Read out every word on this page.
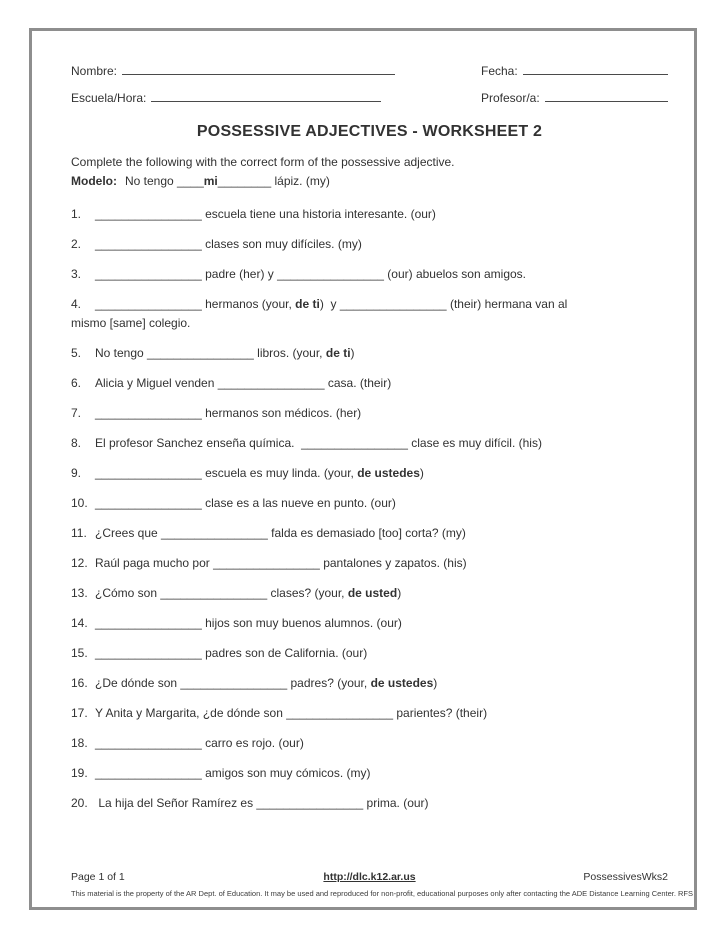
Nombre:	Fecha:
Escuela/Hora:	Profesor/a:
POSSESSIVE ADJECTIVES - WORKSHEET 2

Complete the following with the correct form of the possessive adjective.

Modelo: No tengo ____mi________ lápiz. (my)

1. ________________ escuela tiene una historia interesante. (our)

2. ________________ clases son muy difíciles. (my)

3. ________________ padre (her) y ________________ (our) abuelos son amigos.

4. ________________ hermanos (your, de ti)  y ________________ (their) hermana van al
mismo [same] colegio.

5. No tengo ________________ libros. (your, de ti)

6. Alicia y Miguel venden ________________ casa. (their)

7. ________________ hermanos son médicos. (her)

8. El profesor Sanchez enseña química.  ________________ clase es muy difícil. (his)

9. ________________ escuela es muy linda. (your, de ustedes)

10. ________________ clase es a las nueve en punto. (our)

11. ¿Crees que ________________ falda es demasiado [too] corta? (my)

12. Raúl paga mucho por ________________ pantalones y zapatos. (his)

13. ¿Cómo son ________________ clases? (your, de usted)

14. ________________ hijos son muy buenos alumnos. (our)

15. ________________ padres son de California. (our)

16. ¿De dónde son ________________ padres? (your, de ustedes)

17. Y Anita y Margarita, ¿de dónde son ________________ parientes? (their)

18. ________________ carro es rojo. (our)

19. ________________ amigos son muy cómicos. (my)

20. La hija del Señor Ramírez es ________________ prima. (our)

Page 1 of 1	http://dlc.k12.ar.us	PossessivesWks2
This material is the property of the AR Dept. of Education. It may be used and reproduced for non-profit, educational purposes only after contacting the ADE Distance Learning Center. RFS
